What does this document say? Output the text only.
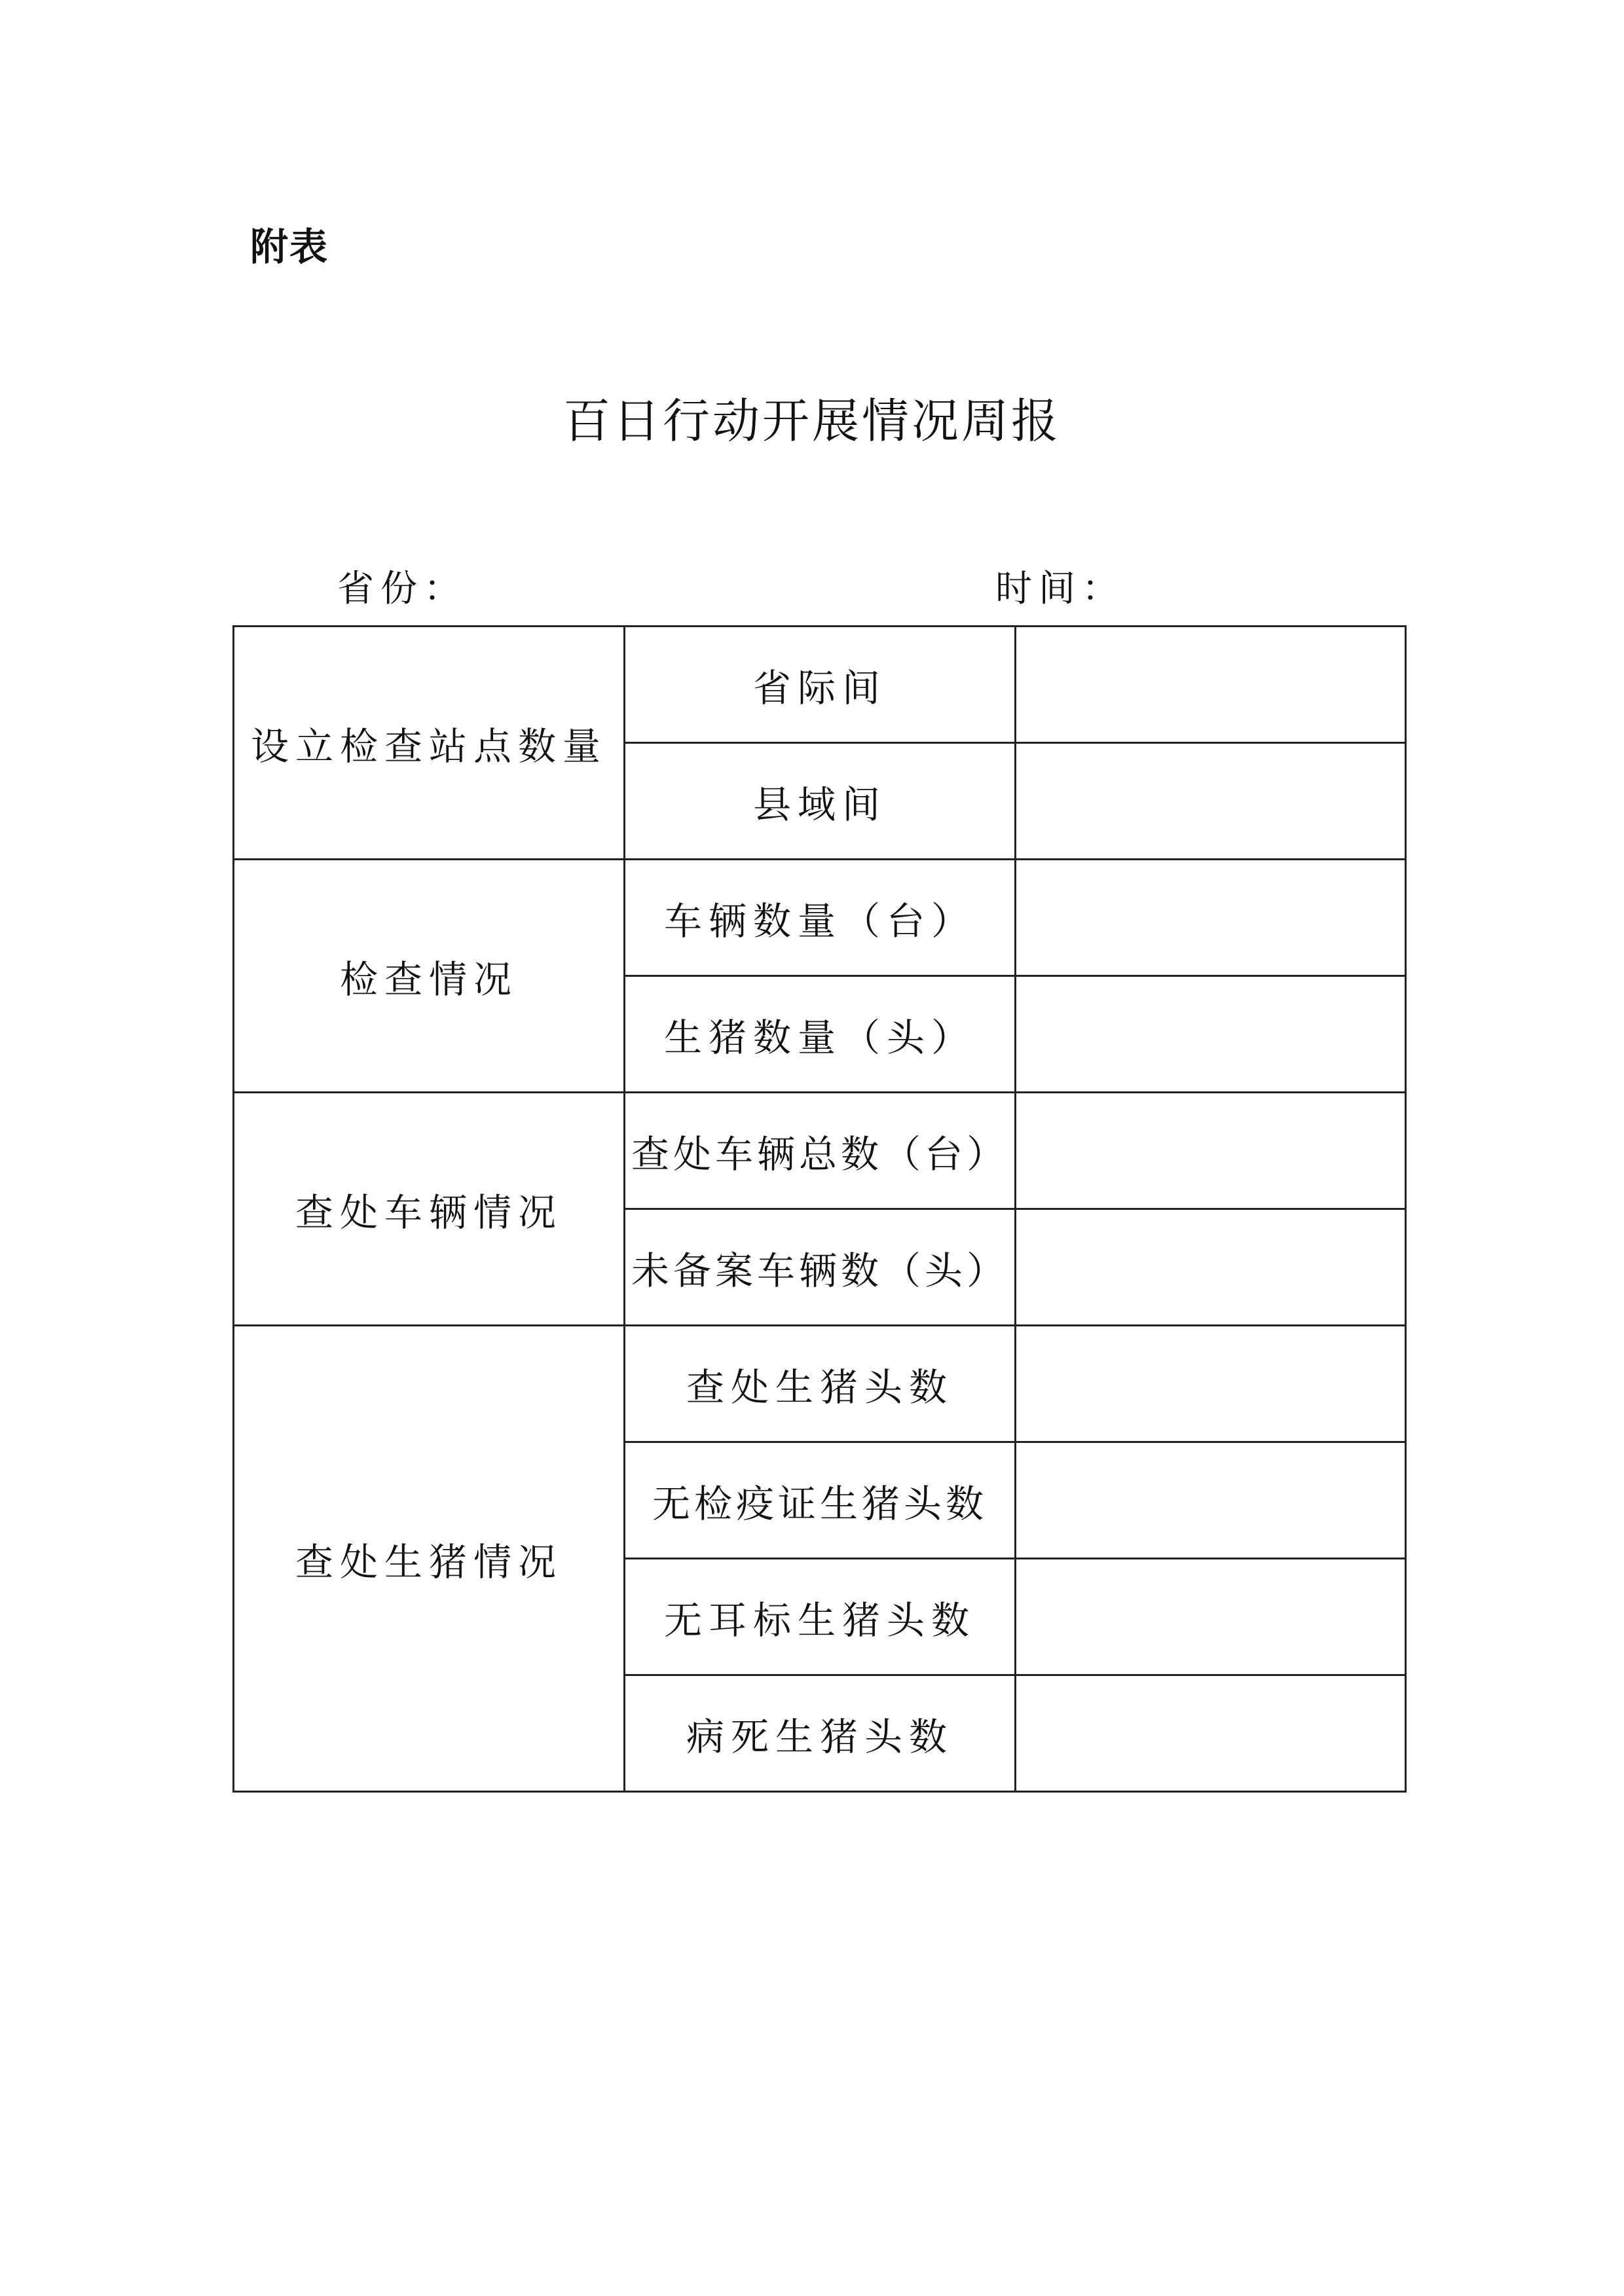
附表
百日行动开展情况周报
省份：	时间：
设立检查站点数量	省际间	
	县域间	
检查情况	车辆数量（台）	
	生猪数量（头）	
查处车辆情况	查处车辆总数（台）	
	未备案车辆数（头）	
查处生猪情况	查处生猪头数	
	无检疫证生猪头数	
	无耳标生猪头数	
	病死生猪头数	
